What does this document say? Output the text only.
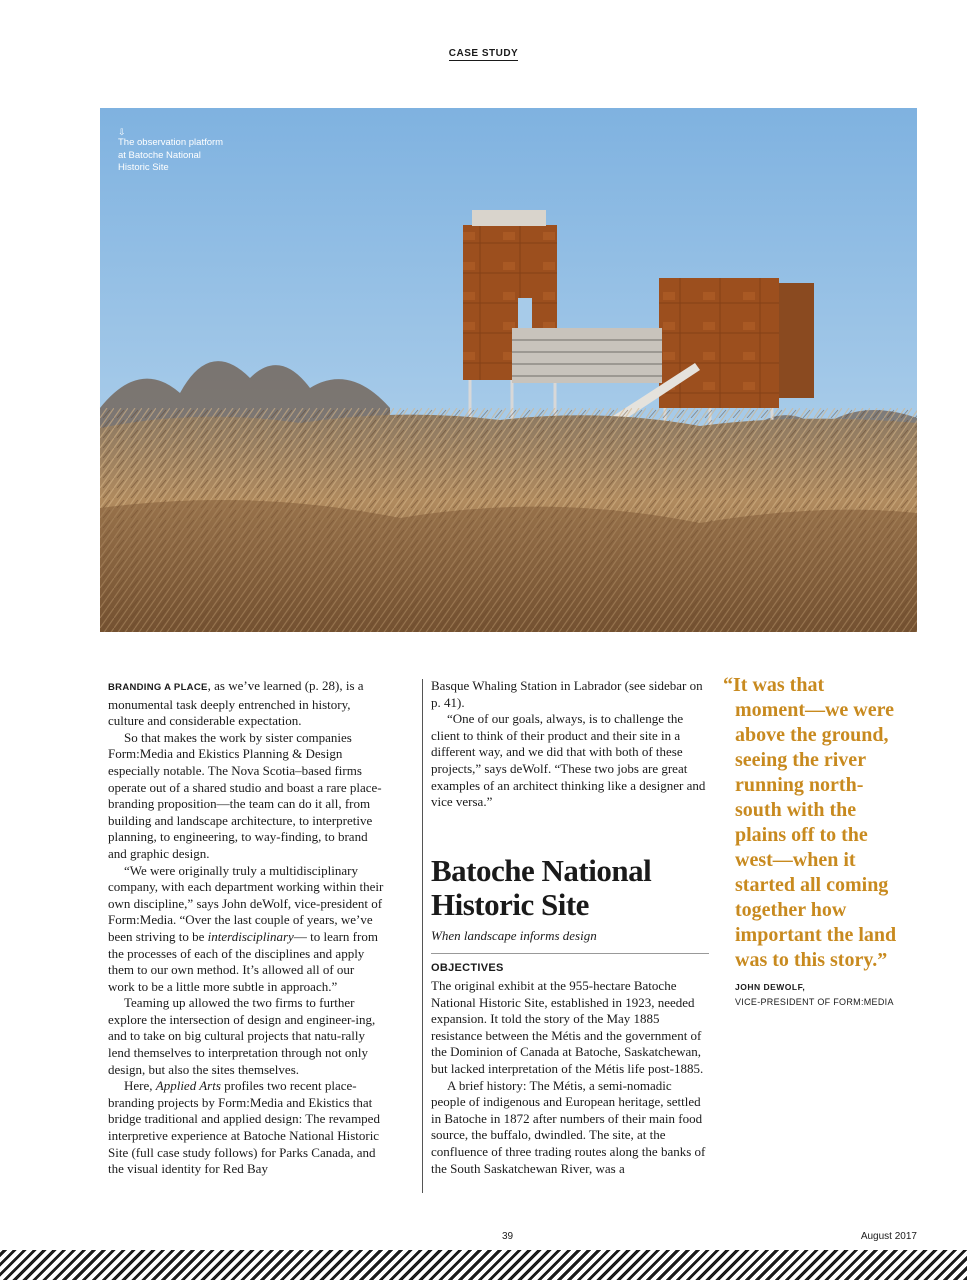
CASE STUDY
⇩
The observation platform
at Batoche National
Historic Site

BRANDING A PLACE, as we’ve learned (p. 28), is a monumental task deeply entrenched in history, culture and considerable expectation.

So that makes the work by sister companies Form:Media and Ekistics Planning & Design especially notable. The Nova Scotia–based firms operate out of a shared studio and boast a rare place-branding proposition—the team can do it all, from building and landscape architecture, to interpretive planning, to engineering, to way-finding, to brand and graphic design.

“We were originally truly a multidisciplinary company, with each department working within their own discipline,” says John deWolf, vice-president of Form:Media. “Over the last couple of years, we’ve been striving to be interdisciplinary— to learn from the processes of each of the disciplines and apply them to our own method. It’s allowed all of our work to be a little more subtle in approach.”

Teaming up allowed the two firms to further explore the intersection of design and engineer-ing, and to take on big cultural projects that natu-rally lend themselves to interpretation through not only design, but also the sites themselves.

Here, Applied Arts profiles two recent place-branding projects by Form:Media and Ekistics that bridge traditional and applied design: The revamped interpretive experience at Batoche National Historic Site (full case study follows) for Parks Canada, and the visual identity for Red Bay

Basque Whaling Station in Labrador (see sidebar on p. 41).

“One of our goals, always, is to challenge the client to think of their product and their site in a different way, and we did that with both of these projects,” says deWolf. “These two jobs are great examples of an architect thinking like a designer and vice versa.”

Batoche National
Historic Site
When landscape informs design
OBJECTIVES

The original exhibit at the 955-hectare Batoche National Historic Site, established in 1923, needed expansion. It told the story of the May 1885 resistance between the Métis and the government of the Dominion of Canada at Batoche, Saskatchewan, but lacked interpretation of the Métis life post-1885.

A brief history: The Métis, a semi-nomadic people of indigenous and European heritage, settled in Batoche in 1872 after numbers of their main food source, the buffalo, dwindled. The site, at the confluence of three trading routes along the banks of the South Saskatchewan River, was a

“It was that
moment—we were
above the ground,
seeing the river
running north-
south with the
plains off to the
west—when it
started all coming
together how
important the land
was to this story.”
JOHN DEWOLF,
VICE-PRESIDENT OF FORM:MEDIA
39	August 2017
